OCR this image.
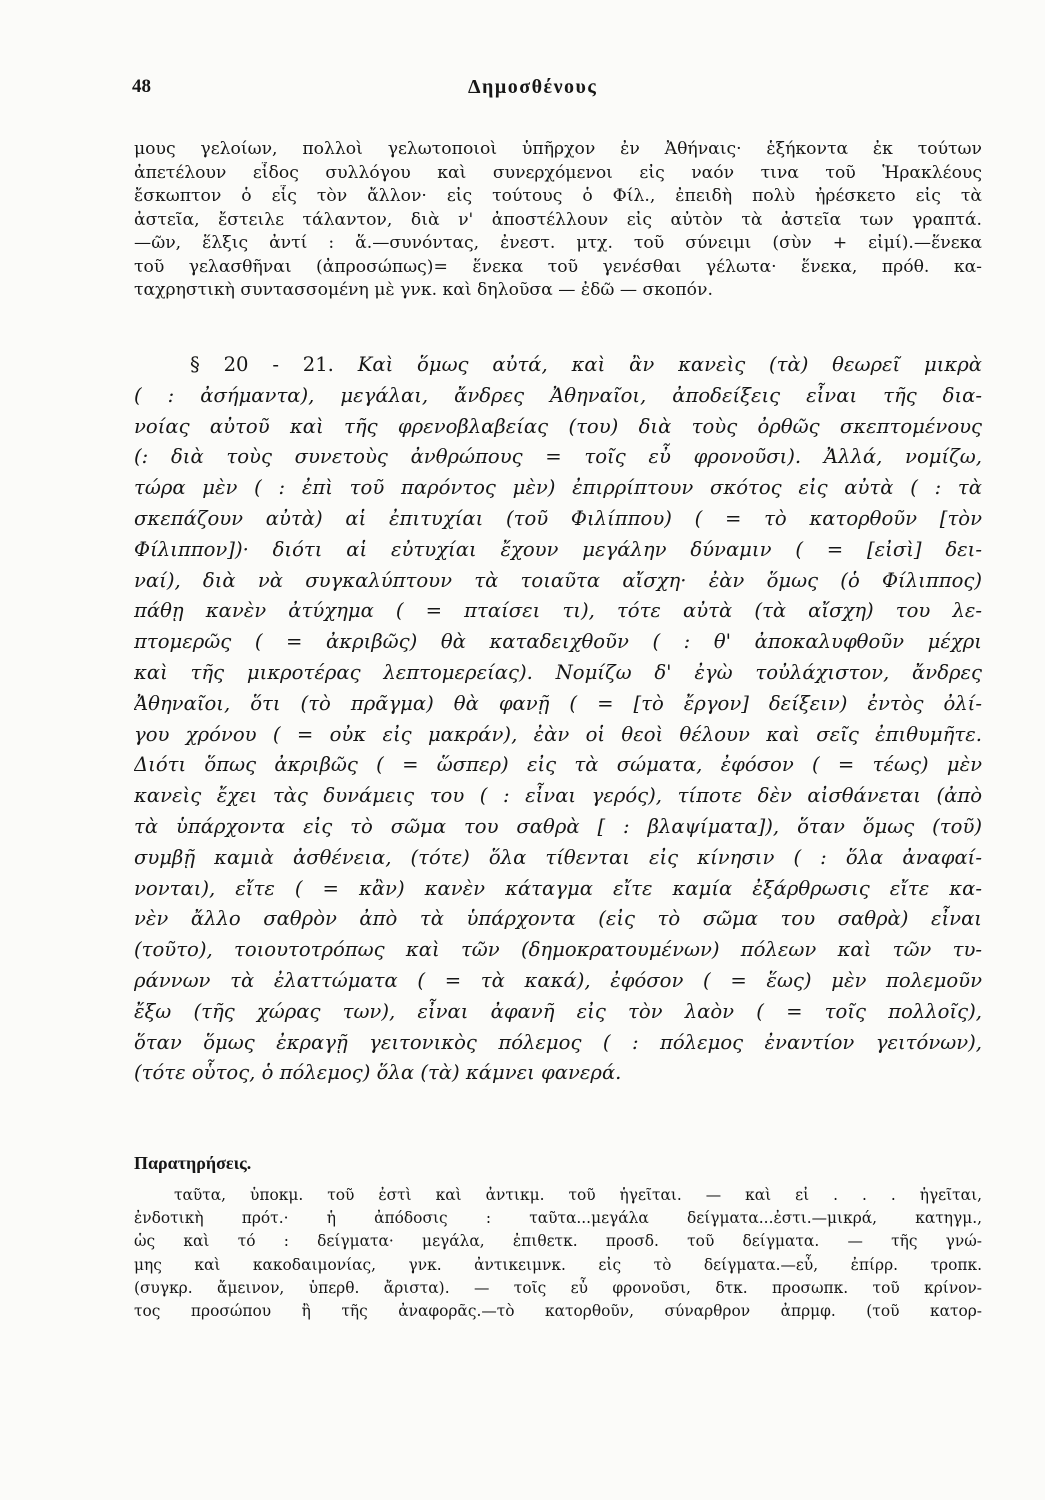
48	Δημοσθένους
μους γελοίων, πολλοὶ γελωτοποιοὶ ὑπῆρχον ἐν Ἀθήναις· ἑξήκοντα ἐκ τούτων
ἀπετέλουν εἶδος συλλόγου καὶ συνερχόμενοι εἰς ναόν τινα τοῦ Ἡρακλέους
ἔσκωπτον ὁ εἷς τὸν ἄλλον· εἰς τούτους ὁ Φίλ., ἐπειδὴ πολὺ ἠρέσκετο εἰς τὰ
ἀστεῖα, ἔστειλε τάλαντον, διὰ ν' ἀποστέλλουν εἰς αὐτὸν τὰ ἀστεῖα των γραπτά.
—ῶν, ἕλξις ἀντί : ἅ.—συνόντας, ἐνεστ. μτχ. τοῦ σύνειμι (σὺν + εἰμί).—ἕνεκα
τοῦ γελασθῆναι (ἀπροσώπως)= ἕνεκα τοῦ γενέσθαι γέλωτα· ἕνεκα, πρόθ. κα-
ταχρηστικὴ συντασσομένη μὲ γνκ. καὶ δηλοῦσα — ἐδῶ — σκοπόν.
§ 20 - 21. Καὶ ὅμως αὐτά, καὶ ἂν κανεὶς (τὰ) θεωρεῖ μικρὰ
( : ἀσήμαντα), μεγάλαι, ἄνδρες Ἀθηναῖοι, ἀποδείξεις εἶναι τῆς δια-
νοίας αὐτοῦ καὶ τῆς φρενοβλαβείας (του) διὰ τοὺς ὀρθῶς σκεπτομένους
(: διὰ τοὺς συνετοὺς ἀνθρώπους = τοῖς εὖ φρονοῦσι). Ἀλλά, νομίζω,
τώρα μὲν ( : ἐπὶ τοῦ παρόντος μὲν) ἐπιρρίπτουν σκότος εἰς αὐτὰ ( : τὰ
σκεπάζουν αὐτὰ) αἱ ἐπιτυχίαι (τοῦ Φιλίππου) ( = τὸ κατορθοῦν [τὸν
Φίλιππον])· διότι αἱ εὐτυχίαι ἔχουν μεγάλην δύναμιν ( = [εἰσὶ] δει-
ναί), διὰ νὰ συγκαλύπτουν τὰ τοιαῦτα αἴσχη· ἐὰν ὅμως (ὁ Φίλιππος)
πάθῃ κανὲν ἀτύχημα ( = πταίσει τι), τότε αὐτὰ (τὰ αἴσχη) του λε-
πτομερῶς ( = ἀκριβῶς) θὰ καταδειχθοῦν ( : θ' ἀποκαλυφθοῦν μέχρι
καὶ τῆς μικροτέρας λεπτομερείας). Νομίζω δ' ἐγὼ τοὐλάχιστον, ἄνδρες
Ἀθηναῖοι, ὅτι (τὸ πρᾶγμα) θὰ φανῇ ( = [τὸ ἔργον] δείξειν) ἐντὸς ὀλί-
γου χρόνου ( = οὐκ εἰς μακράν), ἐὰν οἱ θεοὶ θέλουν καὶ σεῖς ἐπιθυμῆτε.
Διότι ὅπως ἀκριβῶς ( = ὥσπερ) εἰς τὰ σώματα, ἐφόσον ( = τέως) μὲν
κανεὶς ἔχει τὰς δυνάμεις του ( : εἶναι γερός), τίποτε δὲν αἰσθάνεται (ἀπὸ
τὰ ὑπάρχοντα εἰς τὸ σῶμα του σαθρὰ [ : βλαψίματα]), ὅταν ὅμως (τοῦ)
συμβῇ καμιὰ ἀσθένεια, (τότε) ὅλα τίθενται εἰς κίνησιν ( : ὅλα ἀναφαί-
νονται), εἴτε ( = κἂν) κανὲν κάταγμα εἴτε καμία ἐξάρθρωσις εἴτε κα-
νὲν ἄλλο σαθρὸν ἀπὸ τὰ ὑπάρχοντα (εἰς τὸ σῶμα του σαθρὰ) εἶναι
(τοῦτο), τοιουτοτρόπως καὶ τῶν (δημοκρατουμένων) πόλεων καὶ τῶν τυ-
ράννων τὰ ἐλαττώματα ( = τὰ κακά), ἐφόσον ( = ἕως) μὲν πολεμοῦν
ἔξω (τῆς χώρας των), εἶναι ἀφανῆ εἰς τὸν λαὸν ( = τοῖς πολλοῖς),
ὅταν ὅμως ἐκραγῇ γειτονικὸς πόλεμος ( : πόλεμος ἐναντίον γειτόνων),
(τότε οὗτος, ὁ πόλεμος) ὅλα (τὰ) κάμνει φανερά.
Παρατηρήσεις.
ταῦτα, ὑποκμ. τοῦ ἐστὶ καὶ ἀντικμ. τοῦ ἡγεῖται. — καὶ εἰ . . . ἡγεῖται,
ἐνδοτικὴ πρότ.· ἡ ἀπόδοσις : ταῦτα...μεγάλα δείγματα...ἐστι.—μικρά, κατηγμ.,
ὡς καὶ τό : δείγματα· μεγάλα, ἐπιθετκ. προσδ. τοῦ δείγματα. — τῆς γνώ-
μης καὶ κακοδαιμονίας, γνκ. ἀντικειμνκ. εἰς τὸ δείγματα.—εὖ, ἐπίρρ. τροπκ.
(συγκρ. ἄμεινον, ὑπερθ. ἄριστα). — τοῖς εὖ φρονοῦσι, δτκ. προσωπκ. τοῦ κρίνον-
τος προσώπου ἢ τῆς ἀναφορᾶς.—τὸ κατορθοῦν, σύναρθρον ἀπρμφ. (τοῦ κατορ-
